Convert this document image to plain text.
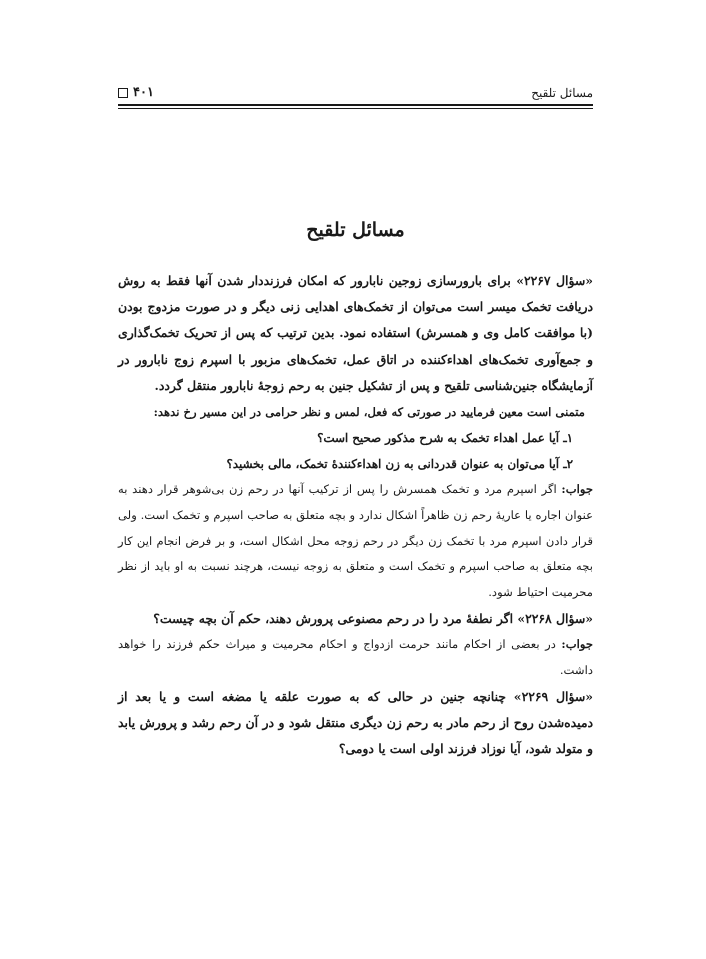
مسائل تلقیح
۴۰۱
مسائل تلقیح

«سؤال ۲۲۶۷» برای بارورسازی زوجین نابارور که امکان فرزنددار شدن آنها فقط به روش دریافت تخمک میسر است می‌توان از تخمک‌های اهدایی زنی دیگر و در صورت مزدوج بودن (با موافقت کامل وی و همسرش) استفاده نمود. بدین ترتیب که پس از تحریک تخمک‌گذاری و جمع‌آوری تخمک‌های اهداءکننده در اتاق عمل، تخمک‌های مزبور با اسپرم زوج نابارور در آزمایشگاه جنین‌شناسی تلقیح و پس از تشکیل جنین به رحم زوجهٔ نابارور منتقل گردد.

متمنی است معین فرمایید در صورتی که فعل، لمس و نظر حرامی در این مسیر رخ ندهد:

۱ـ آیا عمل اهداء تخمک به شرح مذکور صحیح است؟

۲ـ آیا می‌توان به عنوان قدردانی به زن اهداءکنندهٔ تخمک، مالی بخشید؟

جواب: اگر اسپرم مرد و تخمک همسرش را پس از ترکیب آنها در رحم زن بی‌شوهر قرار دهند به عنوان اجاره یا عاریهٔ رحم زن ظاهراً اشکال ندارد و بچه متعلق به صاحب اسپرم و تخمک است. ولی قرار دادن اسپرم مرد با تخمک زن دیگر در رحم زوجه محل اشکال است، و بر فرض انجام این کار بچه متعلق به صاحب اسپرم و تخمک است و متعلق به زوجه نیست، هرچند نسبت به او باید از نظر محرمیت احتیاط شود.

«سؤال ۲۲۶۸» اگر نطفهٔ مرد را در رحم مصنوعی پرورش دهند، حکم آن بچه چیست؟

جواب: در بعضی از احکام مانند حرمت ازدواج و احکام محرمیت و میراث حکم فرزند را خواهد داشت.

«سؤال ۲۲۶۹» چنانچه جنین در حالی که به صورت علقه یا مضغه است و یا بعد از دمیده‌شدن روح از رحم مادر به رحم زن دیگری منتقل شود و در آن رحم رشد و پرورش یابد و متولد شود، آیا نوزاد فرزند اولی است یا دومی؟
